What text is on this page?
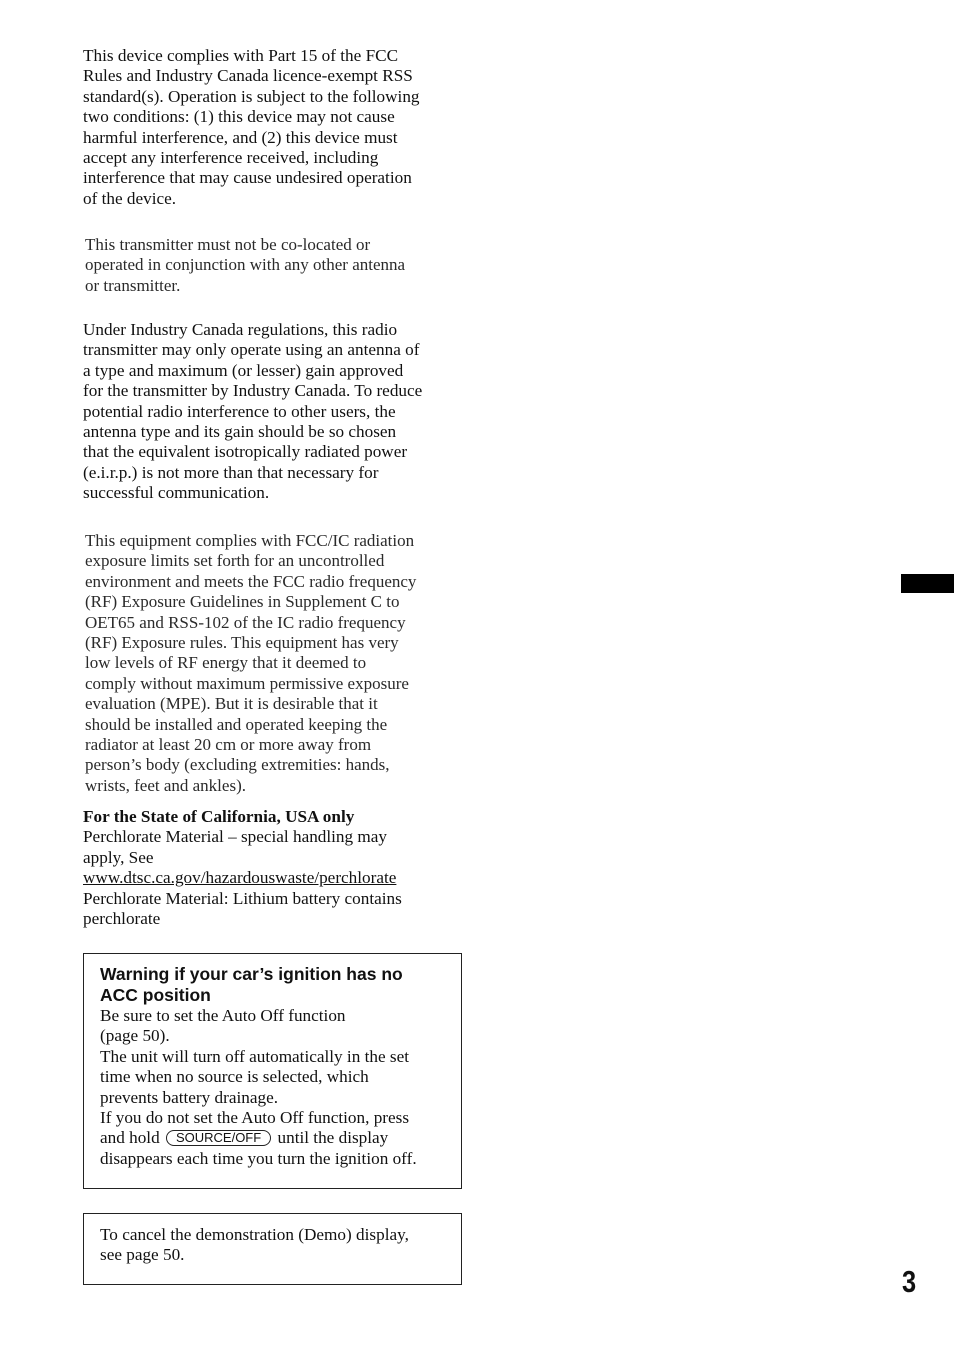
This device complies with Part 15 of the FCC
Rules and Industry Canada licence-exempt RSS
standard(s). Operation is subject to the following
two conditions: (1) this device may not cause
harmful interference, and (2) this device must
accept any interference received, including
interference that may cause undesired operation
of the device.

This transmitter must not be co-located or
operated in conjunction with any other antenna
or transmitter.

Under Industry Canada regulations, this radio
transmitter may only operate using an antenna of
a type and maximum (or lesser) gain approved
for the transmitter by Industry Canada. To reduce
potential radio interference to other users, the
antenna type and its gain should be so chosen
that the equivalent isotropically radiated power
(e.i.r.p.) is not more than that necessary for
successful communication.

This equipment complies with FCC/IC radiation
exposure limits set forth for an uncontrolled
environment and meets the FCC radio frequency
(RF) Exposure Guidelines in Supplement C to
OET65 and RSS-102 of the IC radio frequency
(RF) Exposure rules. This equipment has very
low levels of RF energy that it deemed to
comply without maximum permissive exposure
evaluation (MPE). But it is desirable that it
should be installed and operated keeping the
radiator at least 20 cm or more away from
person’s body (excluding extremities: hands,
wrists, feet and ankles).

For the State of California, USA only
Perchlorate Material – special handling may
apply, See
www.dtsc.ca.gov/hazardouswaste/perchlorate
Perchlorate Material: Lithium battery contains
perchlorate

Warning if your car’s ignition has no
ACC position

Be sure to set the Auto Off function
(page 50).
The unit will turn off automatically in the set
time when no source is selected, which
prevents battery drainage.
If you do not set the Auto Off function, press
and hold SOURCE/OFF until the display
disappears each time you turn the ignition off.
To cancel the demonstration (Demo) display,
see page 50.
3
